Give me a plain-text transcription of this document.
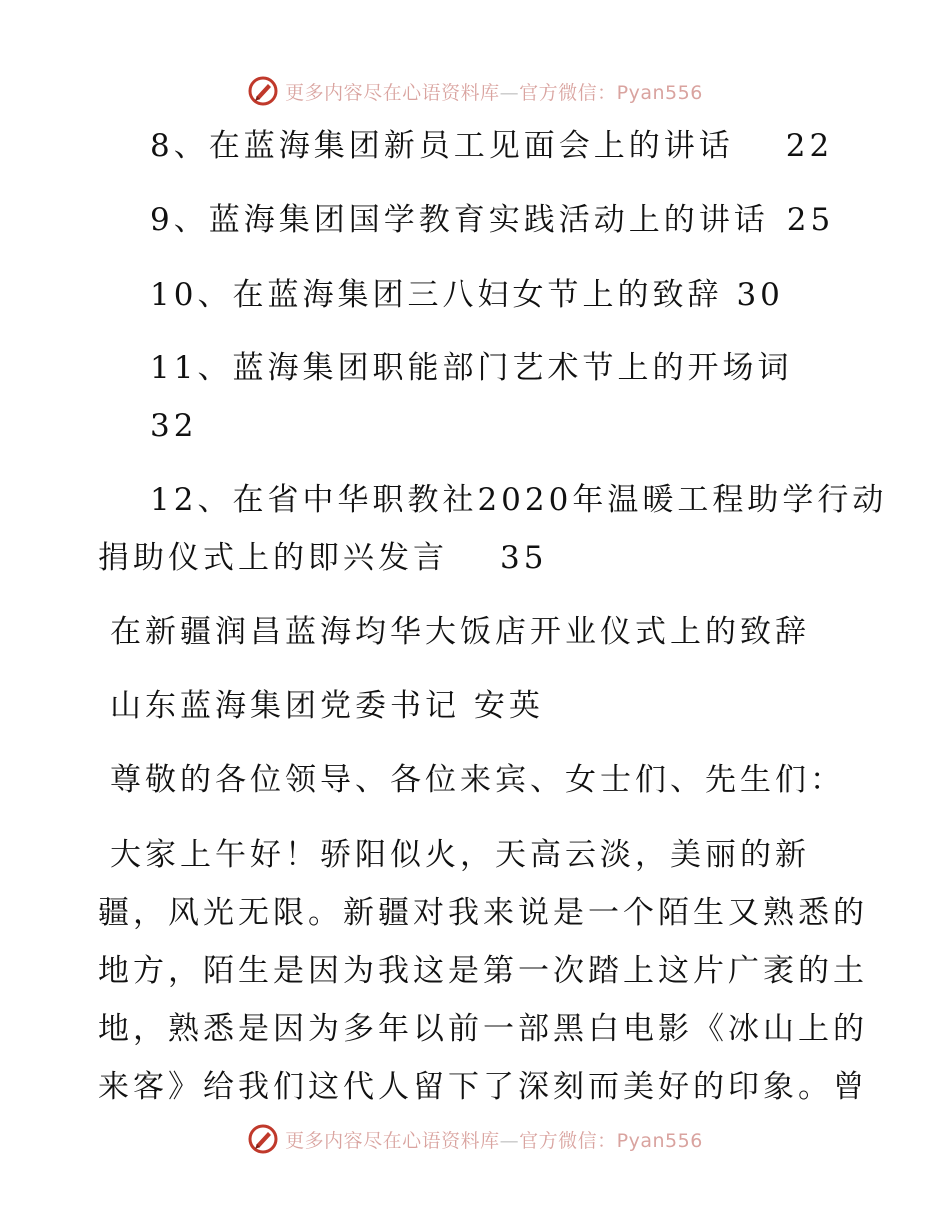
更多内容尽在心语资料库—官方微信：Pyan556
8、在蓝海集团新员工见面会上的讲话 22
9、蓝海集团国学教育实践活动上的讲话 25
10、在蓝海集团三八妇女节上的致辞 30
11、蓝海集团职能部门艺术节上的开场词
32
12、在省中华职教社2020年温暖工程助学行动
捐助仪式上的即兴发言 35
在新疆润昌蓝海均华大饭店开业仪式上的致辞
山东蓝海集团党委书记 安英
尊敬的各位领导、各位来宾、女士们、先生们：
大家上午好！骄阳似火，天高云淡，美丽的新
疆，风光无限。新疆对我来说是一个陌生又熟悉的
地方，陌生是因为我这是第一次踏上这片广袤的土
地，熟悉是因为多年以前一部黑白电影《冰山上的
来客》给我们这代人留下了深刻而美好的印象。曾
更多内容尽在心语资料库—官方微信：Pyan556
